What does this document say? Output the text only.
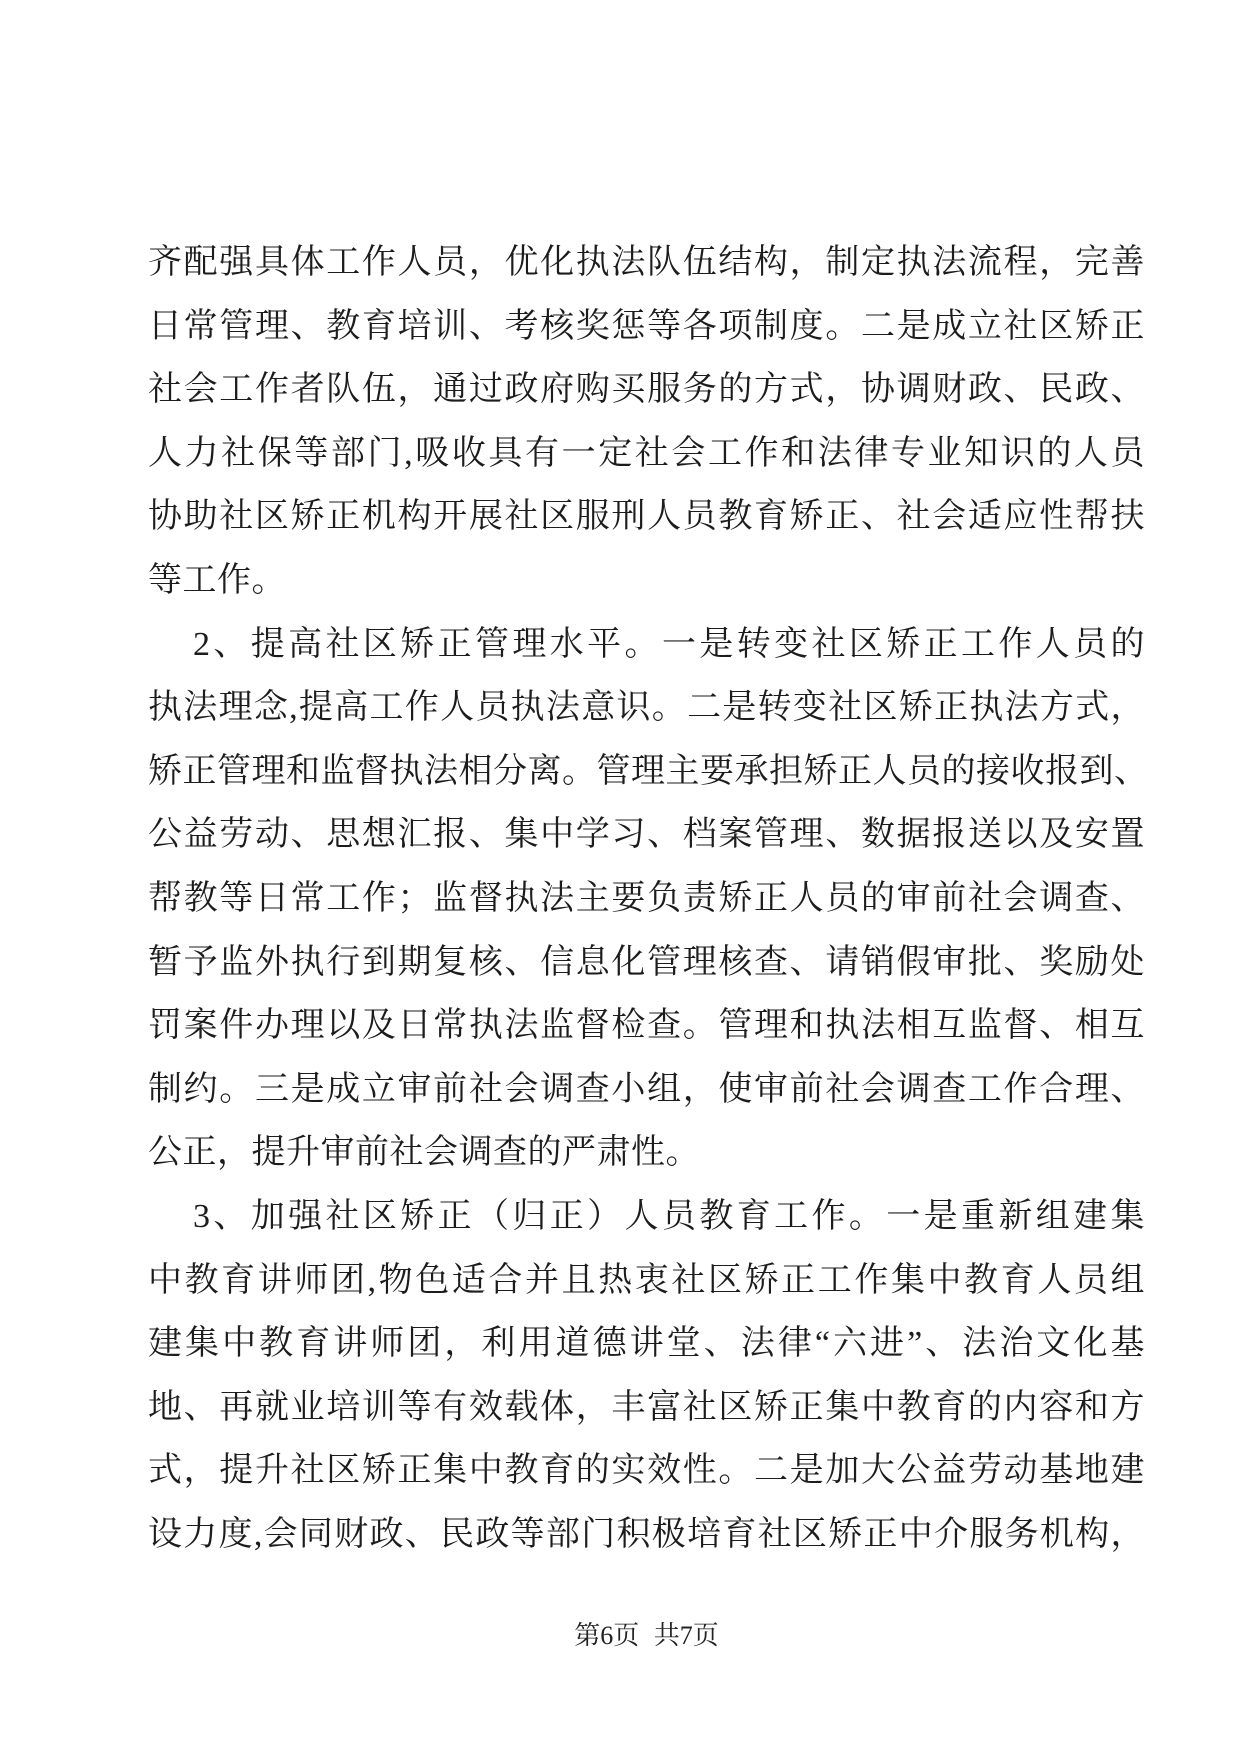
齐配强具体工作人员，优化执法队伍结构，制定执法流程，完善
日常管理、教育培训、考核奖惩等各项制度。二是成立社区矫正
社会工作者队伍，通过政府购买服务的方式，协调财政、民政、
人力社保等部门,吸收具有一定社会工作和法律专业知识的人员
协助社区矫正机构开展社区服刑人员教育矫正、社会适应性帮扶
等工作。
2、提高社区矫正管理水平。一是转变社区矫正工作人员的
执法理念,提高工作人员执法意识。二是转变社区矫正执法方式，
矫正管理和监督执法相分离。管理主要承担矫正人员的接收报到、
公益劳动、思想汇报、集中学习、档案管理、数据报送以及安置
帮教等日常工作；监督执法主要负责矫正人员的审前社会调查、
暂予监外执行到期复核、信息化管理核查、请销假审批、奖励处
罚案件办理以及日常执法监督检查。管理和执法相互监督、相互
制约。三是成立审前社会调查小组，使审前社会调查工作合理、
公正，提升审前社会调查的严肃性。
3、加强社区矫正（归正）人员教育工作。一是重新组建集
中教育讲师团,物色适合并且热衷社区矫正工作集中教育人员组
建集中教育讲师团，利用道德讲堂、法律“六进”、法治文化基
地、再就业培训等有效载体，丰富社区矫正集中教育的内容和方
式，提升社区矫正集中教育的实效性。二是加大公益劳动基地建
设力度,会同财政、民政等部门积极培育社区矫正中介服务机构，
第6页 共7页
